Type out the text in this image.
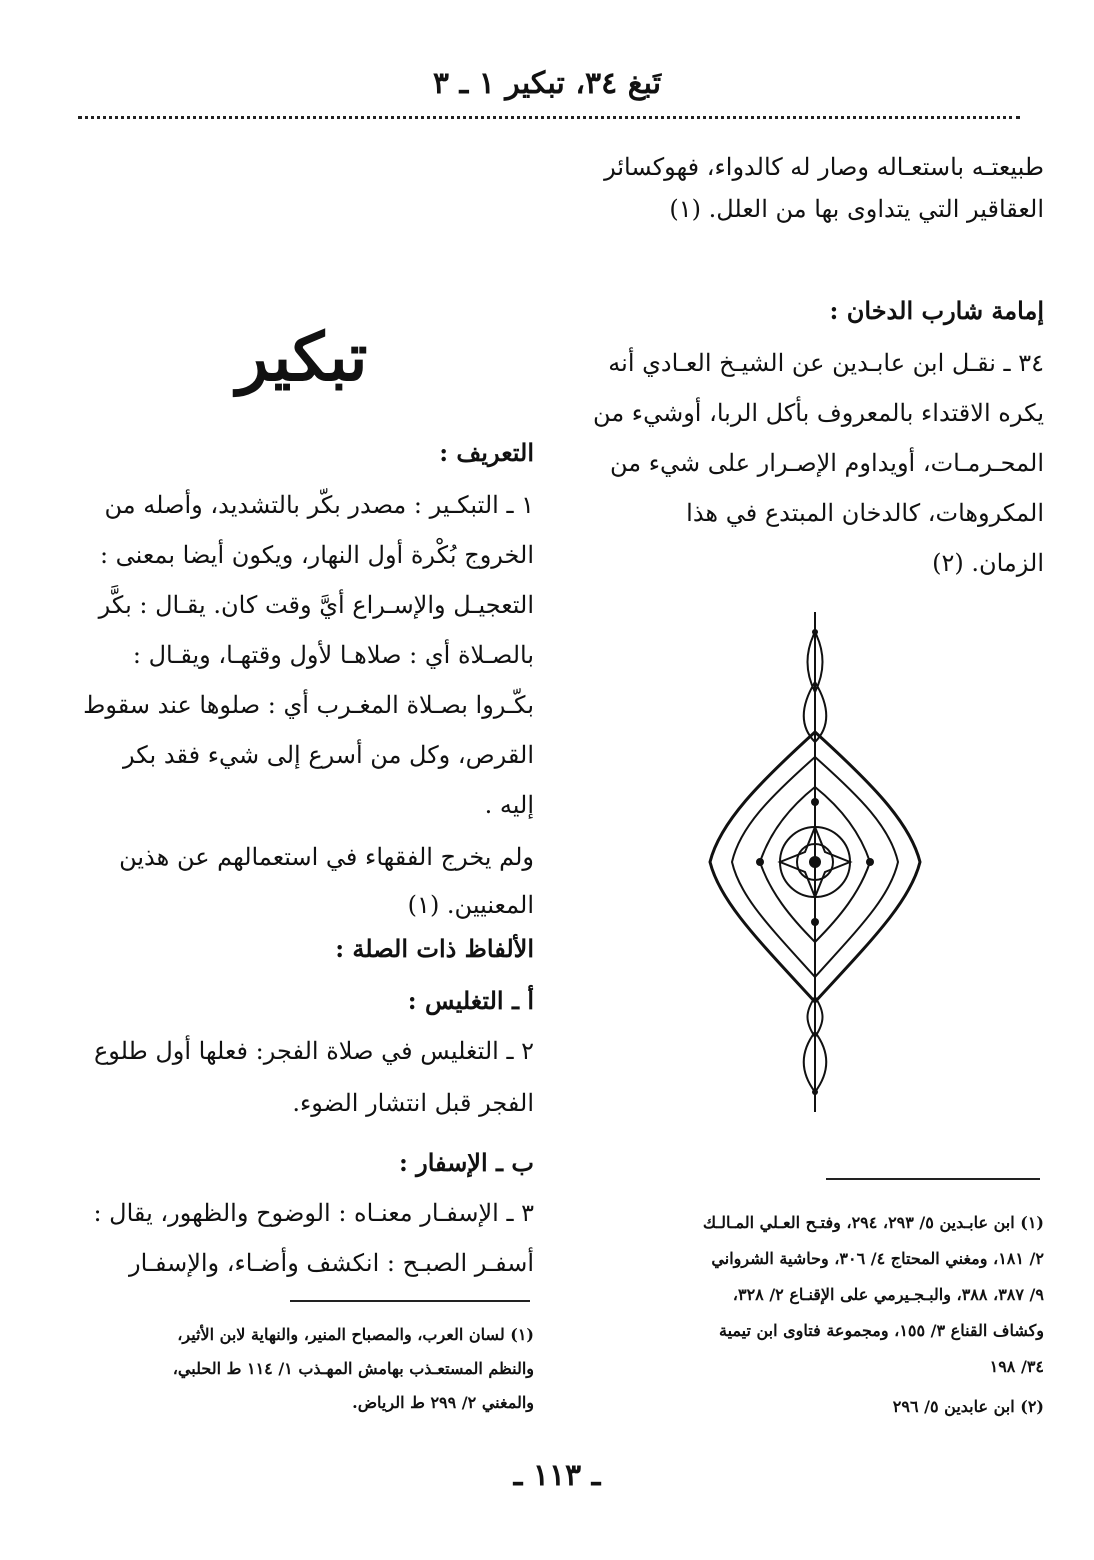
تَبغ ٣٤، تبكير ١ ـ ٣
طبيعتـه باستعـاله وصار له كالدواء، فهوكسائر
العقاقير التي يتداوى بها من العلل. (١)
إمامة شارب الدخان :
٣٤ ـ نقـل ابن عابـدين عن الشيـخ العـادي أنه
يكره الاقتداء بالمعروف بأكل الربا، أوشيء من
المحـرمـات، أويداوم الإصـرار على شيء من
المكروهات، كالدخان المبتدع في هذا
الزمان. (٢)
(١) ابن عابـدين ٥/ ٢٩٣، ٢٩٤، وفتـح العـلي المـالـك
٢/ ١٨١، ومغني المحتاج ٤/ ٣٠٦، وحاشية الشرواني
٩/ ٣٨٧، ٣٨٨، والبـجـيرمي على الإقنـاع ٢/ ٣٢٨،
وكشاف القناع ٣/ ١٥٥، ومجموعة فتاوى ابن تيمية
٣٤/ ١٩٨
(٢) ابن عابدين ٥/ ٢٩٦
تبكير
التعريف :
١ ـ التبكـير : مصدر بكّر بالتشديد، وأصله من
الخروج بُكْرة أول النهار، ويكون أيضا بمعنى :
التعجيـل والإسـراع أيَّ وقت كان. يقـال : بكَّر
بالصـلاة أي : صلاهـا لأول وقتهـا، ويقـال :
بكّـروا بصـلاة المغـرب أي : صلوها عند سقوط
القرص، وكل من أسرع إلى شيء فقد بكر
إليه .
ولم يخرج الفقهاء في استعمالهم عن هذين
المعنيين. (١)
الألفاظ ذات الصلة :
أ ـ التغليس :
٢ ـ التغليس في صلاة الفجر: فعلها أول طلوع
الفجر قبل انتشار الضوء.
ب ـ الإسفار :
٣ ـ الإسفـار معنـاه : الوضوح والظهور، يقال :
أسفـر الصبـح : انكشف وأضـاء، والإسفـار
(١) لسان العرب، والمصباح المنير، والنهاية لابن الأثير،
والنظم المستعـذب بهامش المهـذب ١/ ١١٤ ط الحلبي،
والمغني ٢/ ٢٩٩ ط الرياض.
ـ ١١٣ ـ
